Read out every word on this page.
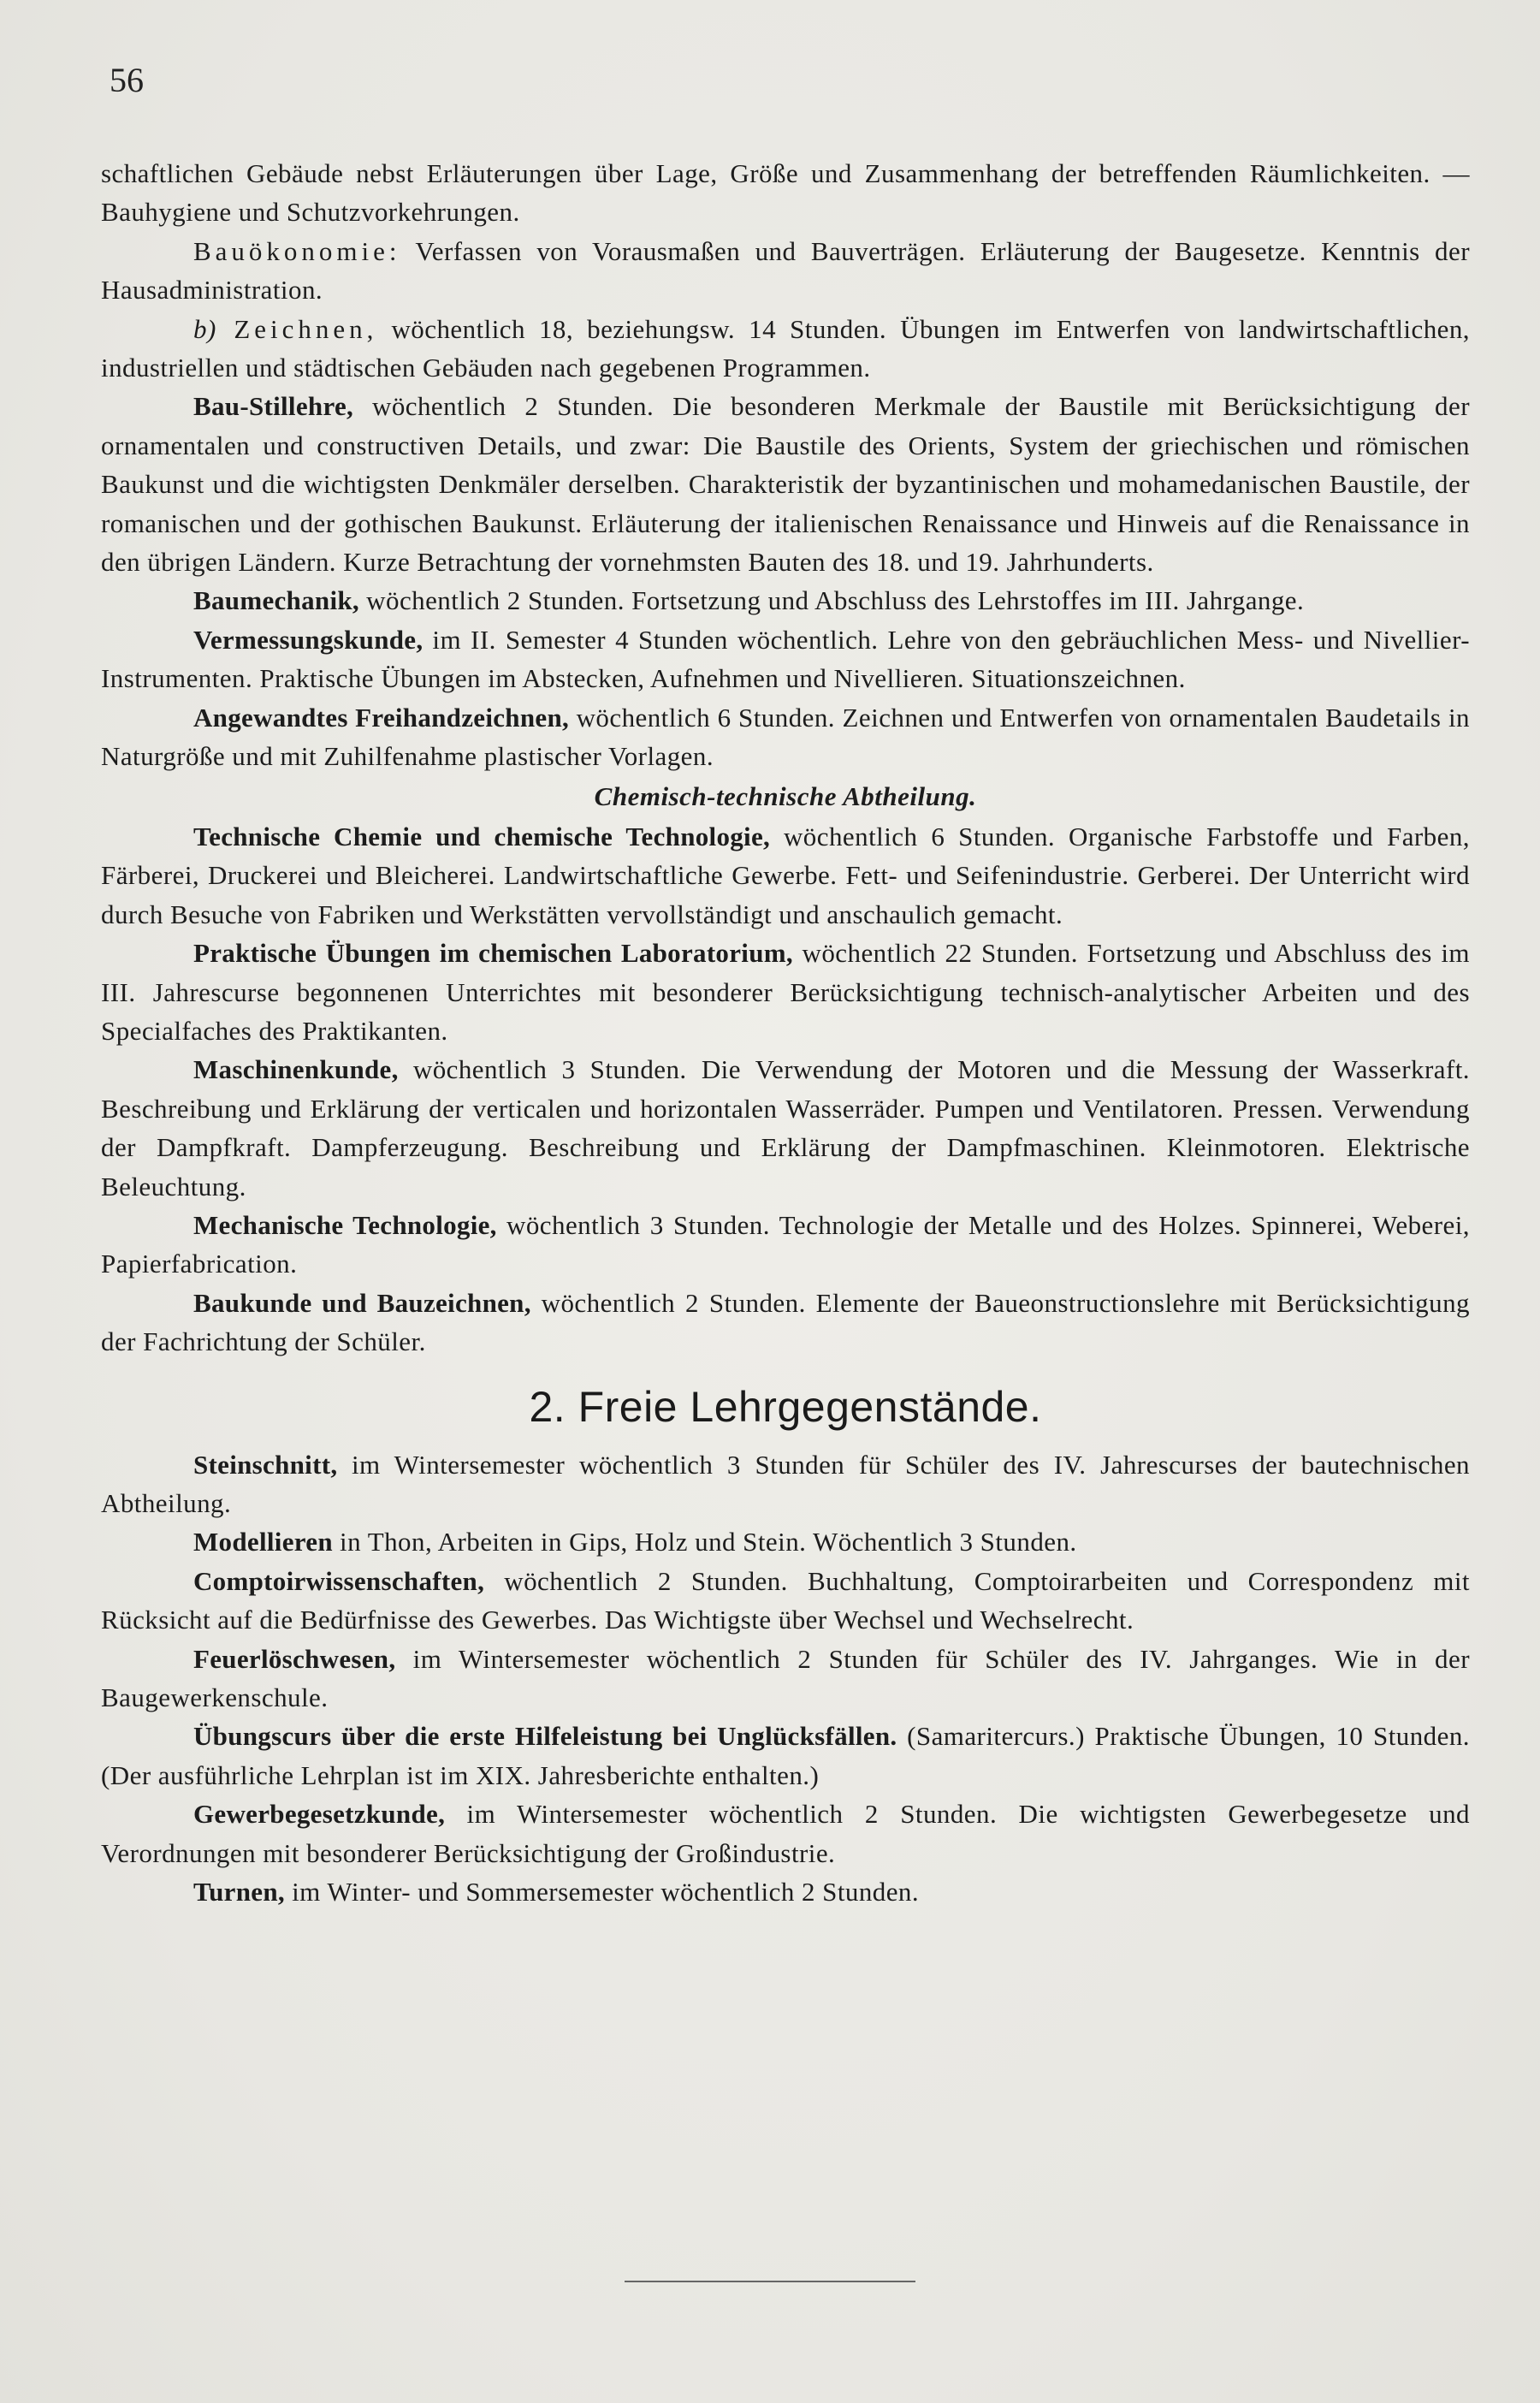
56

schaftlichen Gebäude nebst Erläuterungen über Lage, Größe und Zusammenhang der betreffenden Räumlichkeiten. — Bauhygiene und Schutzvorkehrungen.

Bauökonomie: Verfassen von Vorausmaßen und Bauverträgen. Erläuterung der Baugesetze. Kenntnis der Hausadministration.

b) Zeichnen, wöchentlich 18, beziehungsw. 14 Stunden. Übungen im Entwerfen von landwirtschaftlichen, industriellen und städtischen Gebäuden nach gegebenen Programmen.

Bau-Stillehre, wöchentlich 2 Stunden. Die besonderen Merkmale der Baustile mit Berücksichtigung der ornamentalen und constructiven Details, und zwar: Die Baustile des Orients, System der griechischen und römischen Baukunst und die wichtigsten Denkmäler derselben. Charakteristik der byzantinischen und mohamedanischen Baustile, der romanischen und der gothischen Baukunst. Erläuterung der italienischen Renaissance und Hinweis auf die Renaissance in den übrigen Ländern. Kurze Betrachtung der vornehmsten Bauten des 18. und 19. Jahrhunderts.

Baumechanik, wöchentlich 2 Stunden. Fortsetzung und Abschluss des Lehrstoffes im III. Jahrgange.

Vermessungskunde, im II. Semester 4 Stunden wöchentlich. Lehre von den gebräuchlichen Mess- und Nivellier-Instrumenten. Praktische Übungen im Abstecken, Aufnehmen und Nivellieren. Situationszeichnen.

Angewandtes Freihandzeichnen, wöchentlich 6 Stunden. Zeichnen und Entwerfen von ornamentalen Baudetails in Naturgröße und mit Zuhilfenahme plastischer Vorlagen.

Chemisch-technische Abtheilung.

Technische Chemie und chemische Technologie, wöchentlich 6 Stunden. Organische Farbstoffe und Farben, Färberei, Druckerei und Bleicherei. Landwirtschaftliche Gewerbe. Fett- und Seifenindustrie. Gerberei. Der Unterricht wird durch Besuche von Fabriken und Werkstätten vervollständigt und anschaulich gemacht.

Praktische Übungen im chemischen Laboratorium, wöchentlich 22 Stunden. Fortsetzung und Abschluss des im III. Jahrescurse begonnenen Unterrichtes mit besonderer Berücksichtigung technisch-analytischer Arbeiten und des Specialfaches des Praktikanten.

Maschinenkunde, wöchentlich 3 Stunden. Die Verwendung der Motoren und die Messung der Wasserkraft. Beschreibung und Erklärung der verticalen und horizontalen Wasserräder. Pumpen und Ventilatoren. Pressen. Verwendung der Dampfkraft. Dampferzeugung. Beschreibung und Erklärung der Dampfmaschinen. Kleinmotoren. Elektrische Beleuchtung.

Mechanische Technologie, wöchentlich 3 Stunden. Technologie der Metalle und des Holzes. Spinnerei, Weberei, Papierfabrication.

Baukunde und Bauzeichnen, wöchentlich 2 Stunden. Elemente der Baueonstructionslehre mit Berücksichtigung der Fachrichtung der Schüler.

2. Freie Lehrgegenstände.

Steinschnitt, im Wintersemester wöchentlich 3 Stunden für Schüler des IV. Jahrescurses der bautechnischen Abtheilung.

Modellieren in Thon, Arbeiten in Gips, Holz und Stein. Wöchentlich 3 Stunden.

Comptoirwissenschaften, wöchentlich 2 Stunden. Buchhaltung, Comptoirarbeiten und Correspondenz mit Rücksicht auf die Bedürfnisse des Gewerbes. Das Wichtigste über Wechsel und Wechselrecht.

Feuerlöschwesen, im Wintersemester wöchentlich 2 Stunden für Schüler des IV. Jahrganges. Wie in der Baugewerkenschule.

Übungscurs über die erste Hilfeleistung bei Unglücksfällen. (Samaritercurs.) Praktische Übungen, 10 Stunden. (Der ausführliche Lehrplan ist im XIX. Jahresberichte enthalten.)

Gewerbegesetzkunde, im Wintersemester wöchentlich 2 Stunden. Die wichtigsten Gewerbegesetze und Verordnungen mit besonderer Berücksichtigung der Großindustrie.

Turnen, im Winter- und Sommersemester wöchentlich 2 Stunden.
